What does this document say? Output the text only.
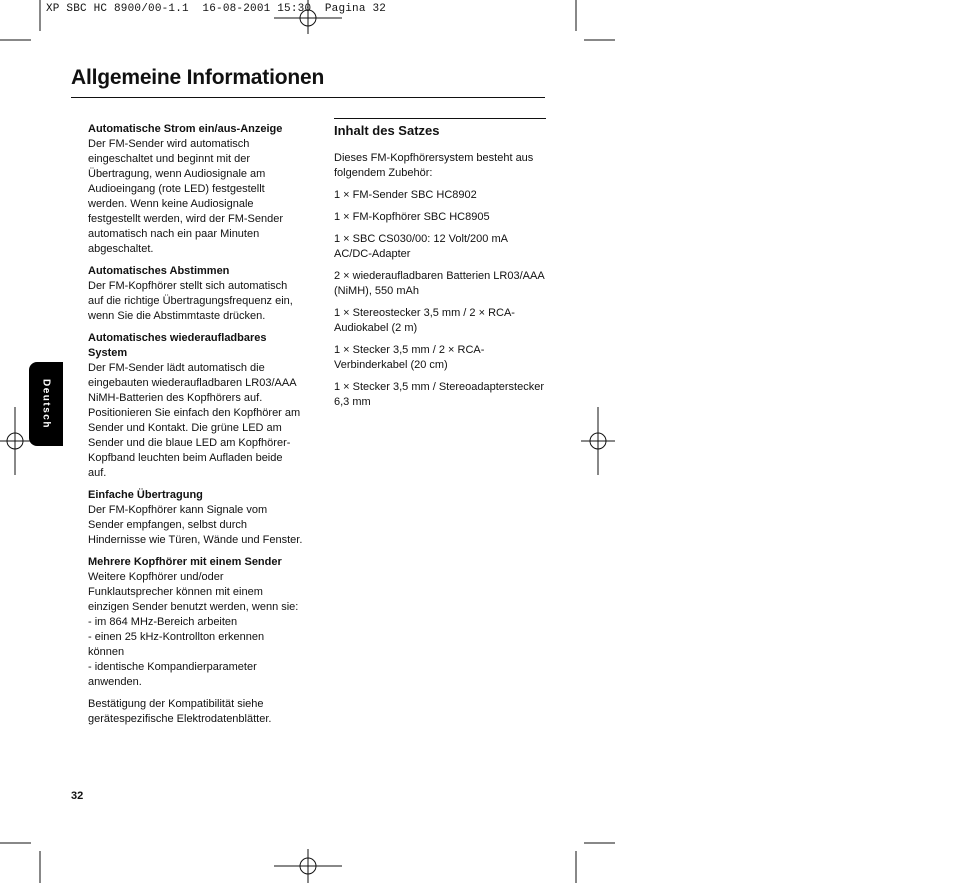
XP SBC HC 8900/00-1.1  16-08-2001 15:30  Pagina 32
Allgemeine Informationen
Automatische Strom ein/aus-Anzeige
Der FM-Sender wird automatisch eingeschaltet und beginnt mit der Übertragung, wenn Audiosignale am Audioeingang (rote LED) festgestellt werden. Wenn keine Audiosignale festgestellt werden, wird der FM-Sender automatisch nach ein paar Minuten abgeschaltet.
Automatisches Abstimmen
Der FM-Kopfhörer stellt sich automatisch auf die richtige Übertragungsfrequenz ein, wenn Sie die Abstimmtaste drücken.
Automatisches wiederaufladbares System
Der FM-Sender lädt automatisch die eingebauten wiederaufladbaren LR03/AAA NiMH-Batterien des Kopfhörers auf. Positionieren Sie einfach den Kopfhörer am Sender und Kontakt. Die grüne LED am Sender und die blaue LED am Kopfhörer-Kopfband leuchten beim Aufladen beide auf.
Einfache Übertragung
Der FM-Kopfhörer kann Signale vom Sender empfangen, selbst durch Hindernisse wie Türen, Wände und Fenster.
Mehrere Kopfhörer mit einem Sender
Weitere Kopfhörer und/oder Funklautsprecher können mit einem einzigen Sender benutzt werden, wenn sie:
- im 864 MHz-Bereich arbeiten
- einen 25 kHz-Kontrollton erkennen können
- identische Kompandierparameter anwenden.
Bestätigung der Kompatibilität siehe gerätespezifische Elektrodatenblätter.
Inhalt des Satzes
Dieses FM-Kopfhörersystem besteht aus folgendem Zubehör:
1 × FM-Sender SBC HC8902
1 × FM-Kopfhörer SBC HC8905
1 × SBC CS030/00: 12 Volt/200 mA AC/DC-Adapter
2 × wiederaufladbaren Batterien LR03/AAA (NiMH), 550 mAh
1 × Stereostecker 3,5 mm / 2 × RCA-Audiokabel (2 m)
1 × Stecker 3,5 mm / 2 × RCA-Verbinderkabel (20 cm)
1 × Stecker 3,5 mm / Stereoadapterstecker 6,3 mm
Deutsch
32
